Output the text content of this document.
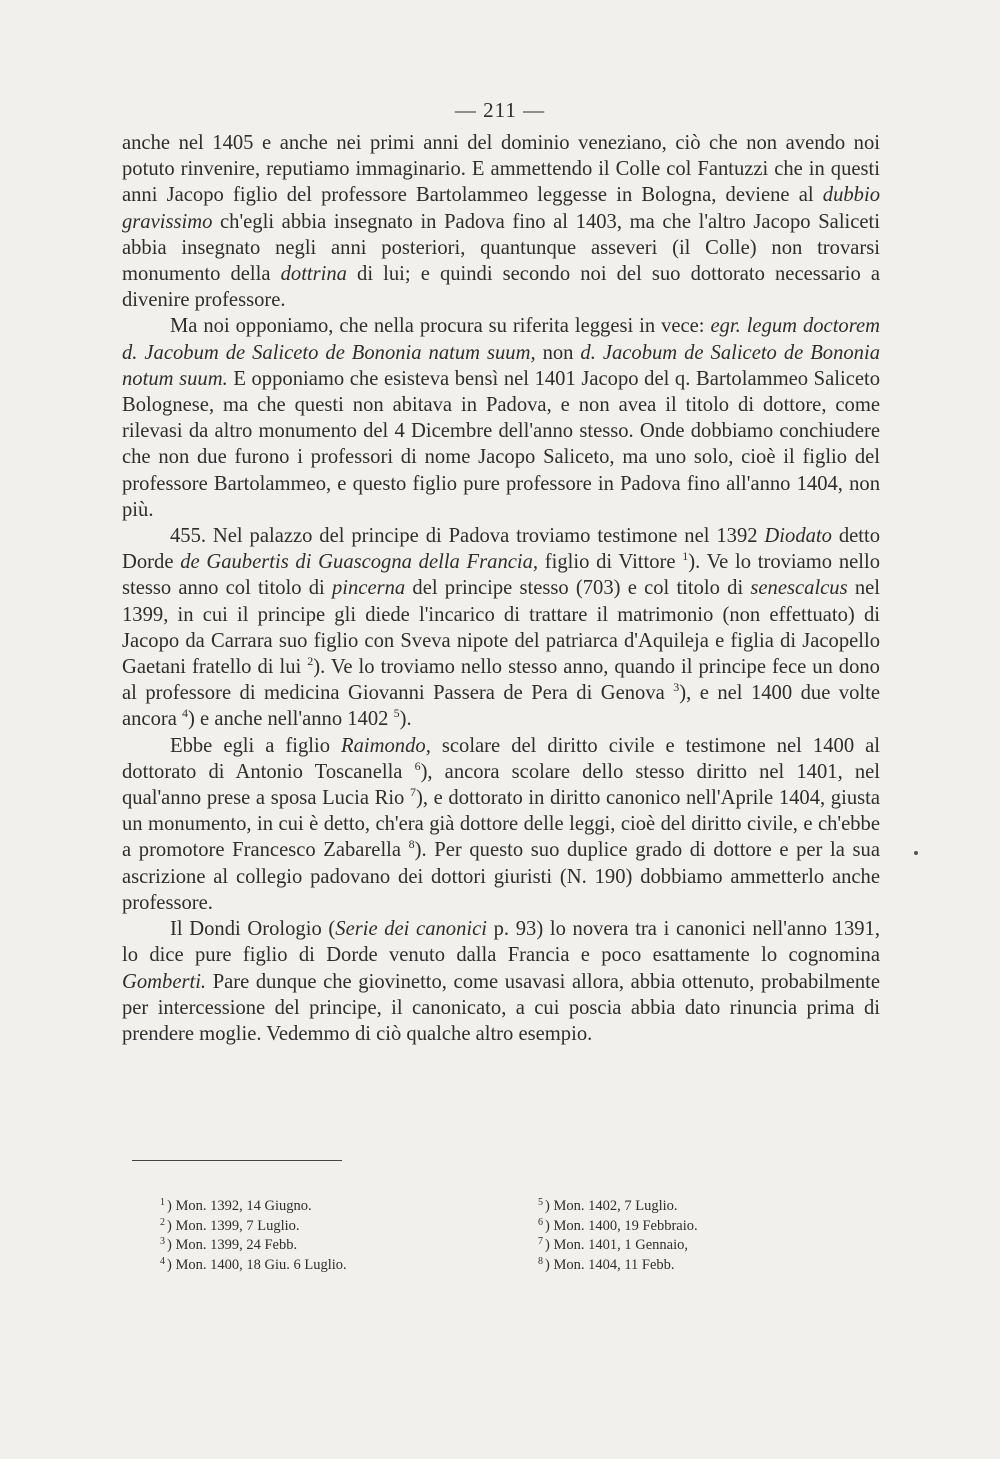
— 211 —

anche nel 1405 e anche nei primi anni del dominio veneziano, ciò che non avendo noi potuto rinvenire, reputiamo immaginario. E ammettendo il Colle col Fantuzzi che in questi anni Jacopo figlio del professore Bartolammeo leggesse in Bologna, deviene al dubbio gravissimo ch'egli abbia insegnato in Padova fino al 1403, ma che l'altro Jacopo Saliceti abbia insegnato negli anni posteriori, quantunque asseveri (il Colle) non trovarsi monumento della dottrina di lui; e quindi secondo noi del suo dottorato necessario a divenire professore.

Ma noi opponiamo, che nella procura su riferita leggesi in vece: egr. legum doctorem d. Jacobum de Saliceto de Bononia natum suum, non d. Jacobum de Saliceto de Bononia notum suum. E opponiamo che esisteva bensì nel 1401 Jacopo del q. Bartolammeo Saliceto Bolognese, ma che questi non abitava in Padova, e non avea il titolo di dottore, come rilevasi da altro monumento del 4 Dicembre dell'anno stesso. Onde dobbiamo conchiudere che non due furono i professori di nome Jacopo Saliceto, ma uno solo, cioè il figlio del professore Bartolammeo, e questo figlio pure professore in Padova fino all'anno 1404, non più.

455. Nel palazzo del principe di Padova troviamo testimone nel 1392 Diodato detto Dorde de Gaubertis di Guascogna della Francia, figlio di Vittore $^1$). Ve lo troviamo nello stesso anno col titolo di pincerna del principe stesso (703) e col titolo di senescalcus nel 1399, in cui il principe gli diede l'incarico di trattare il matrimonio (non effettuato) di Jacopo da Carrara suo figlio con Sveva nipote del patriarca d'Aquileja e figlia di Jacopello Gaetani fratello di lui $^2$). Ve lo troviamo nello stesso anno, quando il principe fece un dono al professore di medicina Giovanni Passera de Pera di Genova $^3$), e nel 1400 due volte ancora $^4$) e anche nell'anno 1402 $^5$).

Ebbe egli a figlio Raimondo, scolare del diritto civile e testimone nel 1400 al dottorato di Antonio Toscanella $^6$), ancora scolare dello stesso diritto nel 1401, nel qual'anno prese a sposa Lucia Rio $^7$), e dottorato in diritto canonico nell'Aprile 1404, giusta un monumento, in cui è detto, ch'era già dottore delle leggi, cioè del diritto civile, e ch'ebbe a promotore Francesco Zabarella $^8$). Per questo suo duplice grado di dottore e per la sua ascrizione al collegio padovano dei dottori giuristi (N. 190) dobbiamo ammetterlo anche professore.

Il Dondi Orologio (Serie dei canonici p. 93) lo novera tra i canonici nell'anno 1391, lo dice pure figlio di Dorde venuto dalla Francia e poco esattamente lo cognomina Gomberti. Pare dunque che giovinetto, come usavasi allora, abbia ottenuto, probabilmente per intercessione del principe, il canonicato, a cui poscia abbia dato rinuncia prima di prendere moglie. Vedemmo di ciò qualche altro esempio.

$^1$ ) Mon. 1392, 14 Giugno.
$^2$ ) Mon. 1399, 7 Luglio.
$^3$ ) Mon. 1399, 24 Febb.
$^4$ ) Mon. 1400, 18 Giu. 6 Luglio.
$^5$ ) Mon. 1402, 7 Luglio.
$^6$ ) Mon. 1400, 19 Febbraio.
$^7$ ) Mon. 1401, 1 Gennaio,
$^8$ ) Mon. 1404, 11 Febb.
